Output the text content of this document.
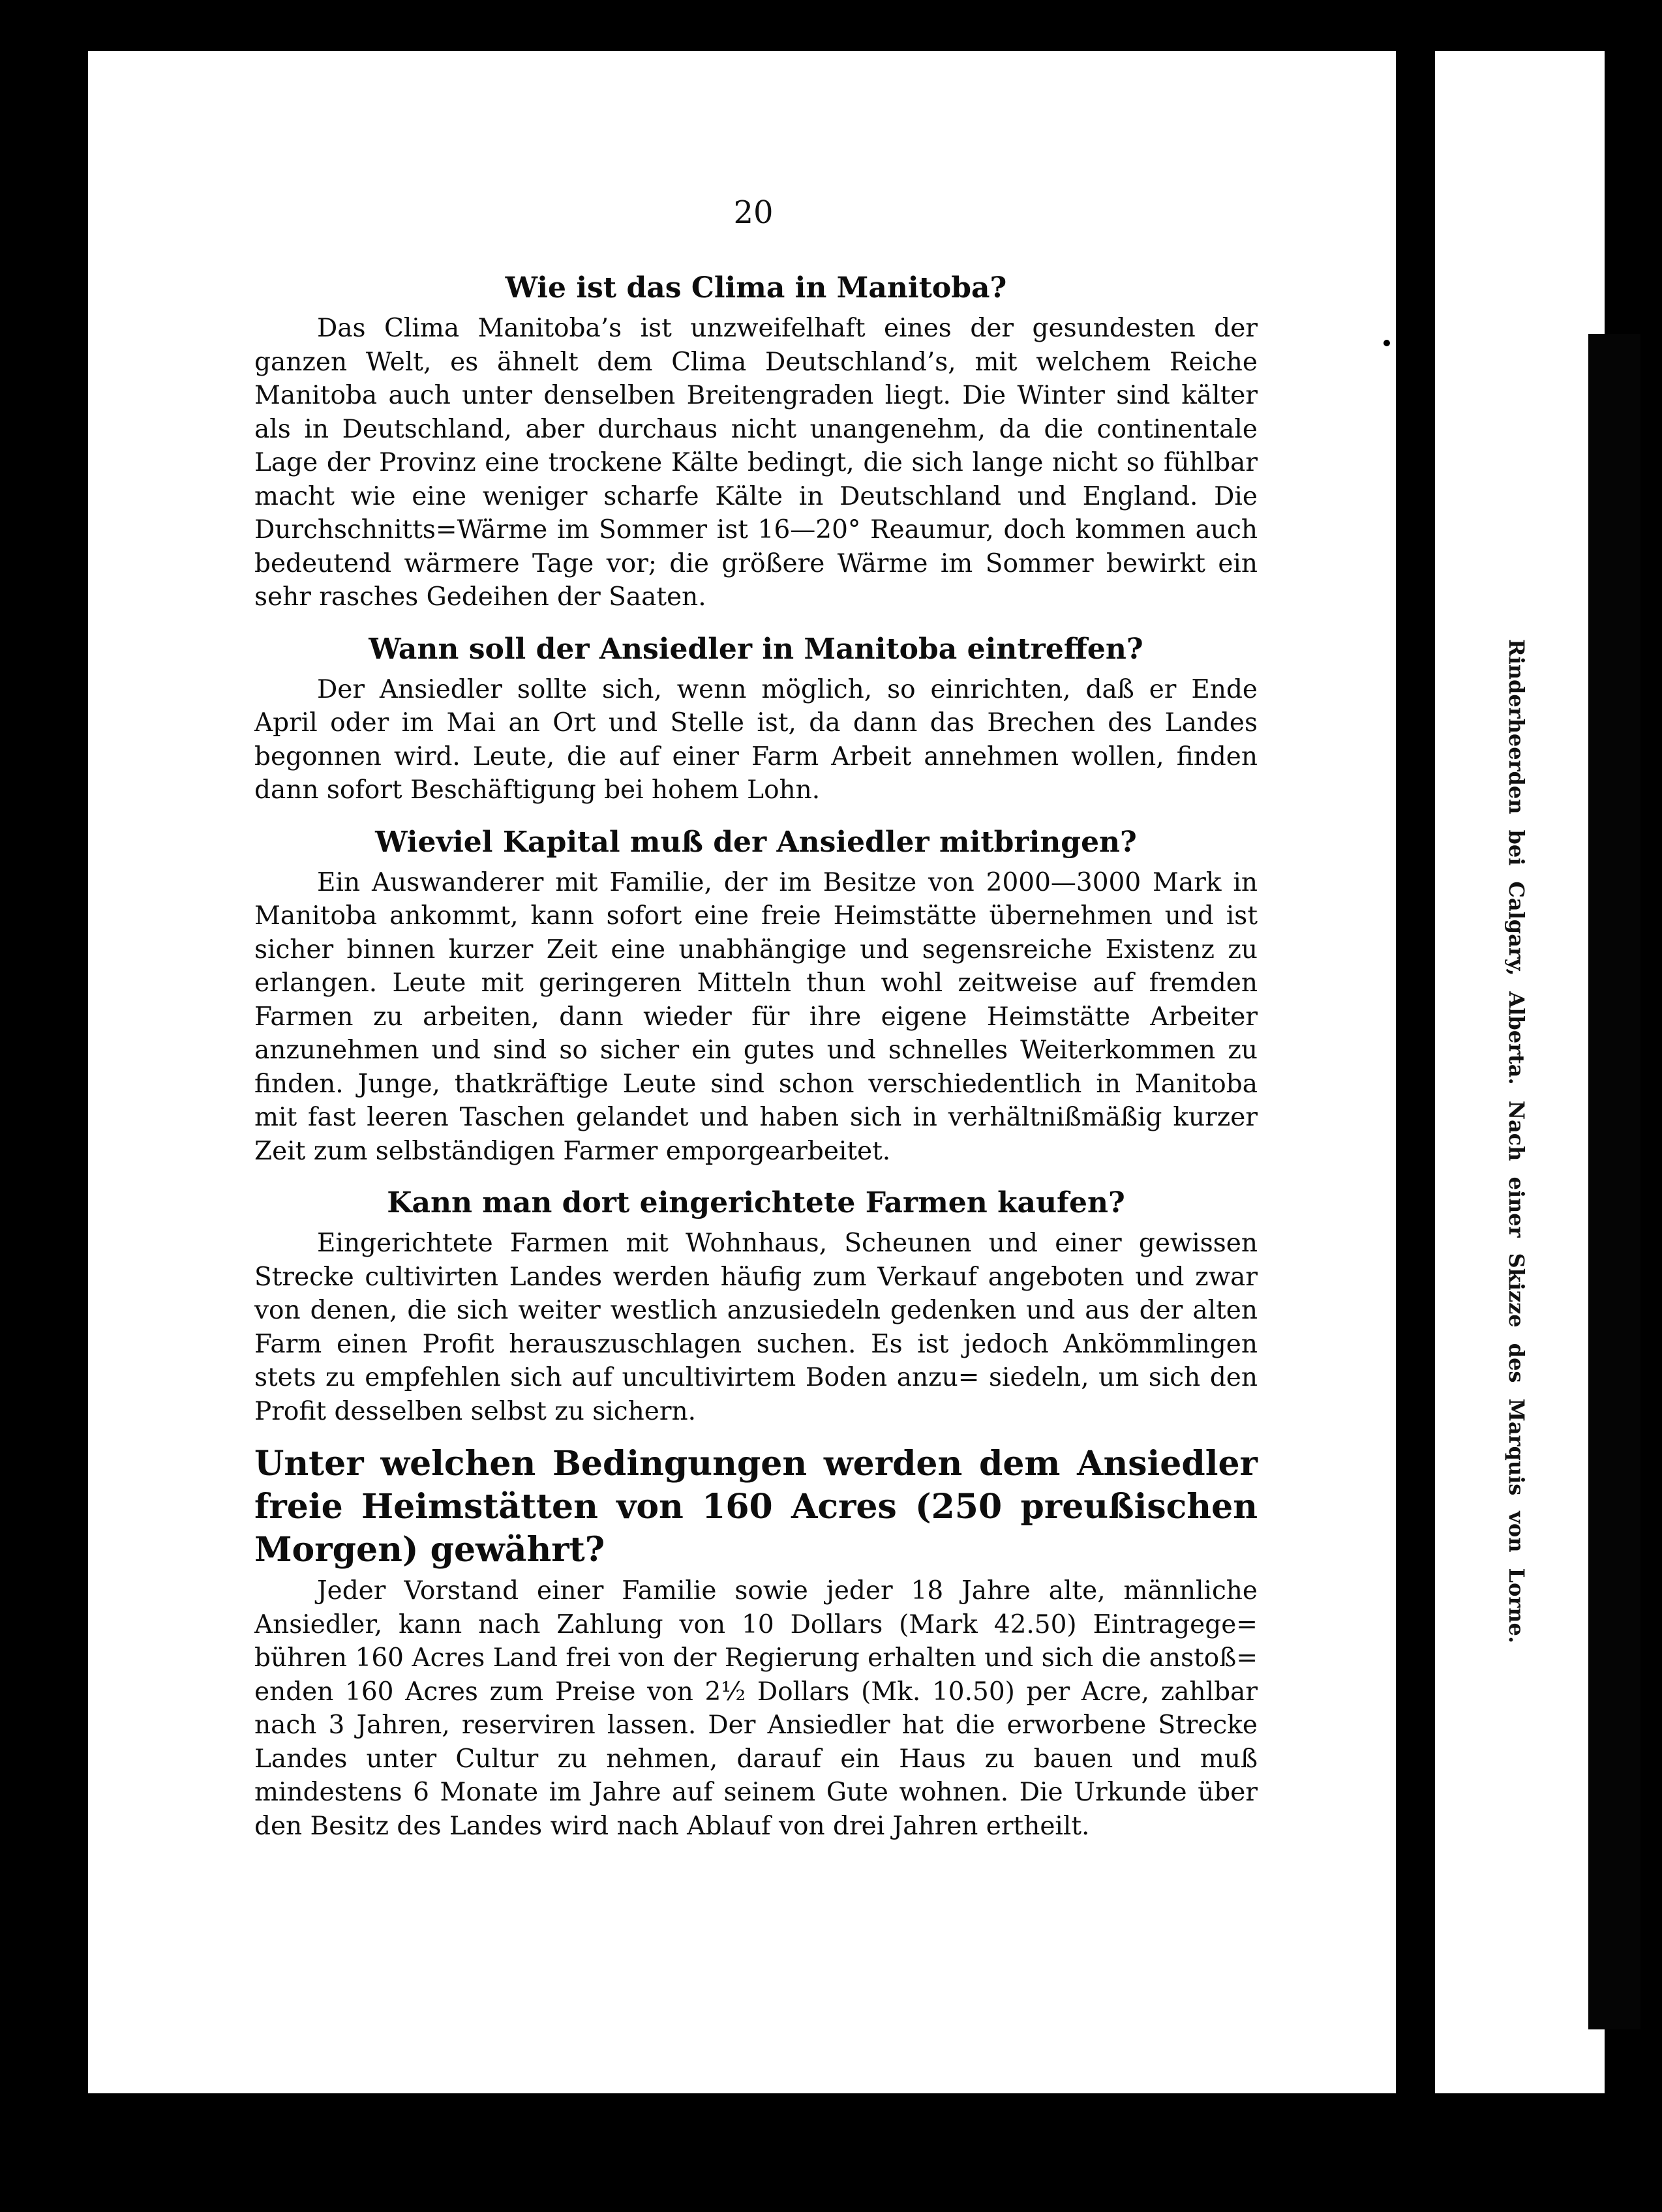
Rinderheerden bei Calgary, Alberta. Nach einer Skizze des Marquis von Lorne.
20
Wie ist das Clima in Manitoba?

Das Clima Manitoba’s ist unzweifelhaft eines der gesundesten der ganzen Welt, es ähnelt dem Clima Deutschland’s, mit welchem Reiche Manitoba auch unter denselben Breitengraden liegt. Die Winter sind kälter als in Deutschland, aber durchaus nicht unangenehm, da die continentale Lage der Provinz eine trockene Kälte bedingt, die sich lange nicht so fühlbar macht wie eine weniger scharfe Kälte in Deutschland und England. Die Durchschnitts=Wärme im Sommer ist 16—20° Reaumur, doch kommen auch bedeutend wärmere Tage vor; die größere Wärme im Sommer bewirkt ein sehr rasches Gedeihen der Saaten.

Wann soll der Ansiedler in Manitoba eintreffen?

Der Ansiedler sollte sich, wenn möglich, so einrichten, daß er Ende April oder im Mai an Ort und Stelle ist, da dann das Brechen des Landes begonnen wird. Leute, die auf einer Farm Arbeit annehmen wollen, finden dann sofort Beschäftigung bei hohem Lohn.

Wieviel Kapital muß der Ansiedler mitbringen?

Ein Auswanderer mit Familie, der im Besitze von 2000—3000 Mark in Manitoba ankommt, kann sofort eine freie Heimstätte übernehmen und ist sicher binnen kurzer Zeit eine unabhängige und segensreiche Existenz zu erlangen. Leute mit geringeren Mitteln thun wohl zeitweise auf fremden Farmen zu arbeiten, dann wieder für ihre eigene Heimstätte Arbeiter anzunehmen und sind so sicher ein gutes und schnelles Weiterkommen zu finden. Junge, thatkräftige Leute sind schon verschiedentlich in Manitoba mit fast leeren Taschen gelandet und haben sich in verhältnißmäßig kurzer Zeit zum selbständigen Farmer emporgearbeitet.

Kann man dort eingerichtete Farmen kaufen?

Eingerichtete Farmen mit Wohnhaus, Scheunen und einer gewissen Strecke cultivirten Landes werden häufig zum Verkauf angeboten und zwar von denen, die sich weiter westlich anzusiedeln gedenken und aus der alten Farm einen Profit herauszuschlagen suchen. Es ist jedoch Ankömmlingen stets zu empfehlen sich auf uncultivirtem Boden anzu= siedeln, um sich den Profit desselben selbst zu sichern.

Unter welchen Bedingungen werden dem Ansiedler freie Heimstätten von 160 Acres (250 preußischen Morgen) gewährt?

Jeder Vorstand einer Familie sowie jeder 18 Jahre alte, männliche Ansiedler, kann nach Zahlung von 10 Dollars (Mark 42.50) Eintragege= bühren 160 Acres Land frei von der Regierung erhalten und sich die anstoß= enden 160 Acres zum Preise von 2½ Dollars (Mk. 10.50) per Acre, zahlbar nach 3 Jahren, reserviren lassen. Der Ansiedler hat die erworbene Strecke Landes unter Cultur zu nehmen, darauf ein Haus zu bauen und muß mindestens 6 Monate im Jahre auf seinem Gute wohnen. Die Urkunde über den Besitz des Landes wird nach Ablauf von drei Jahren ertheilt.
